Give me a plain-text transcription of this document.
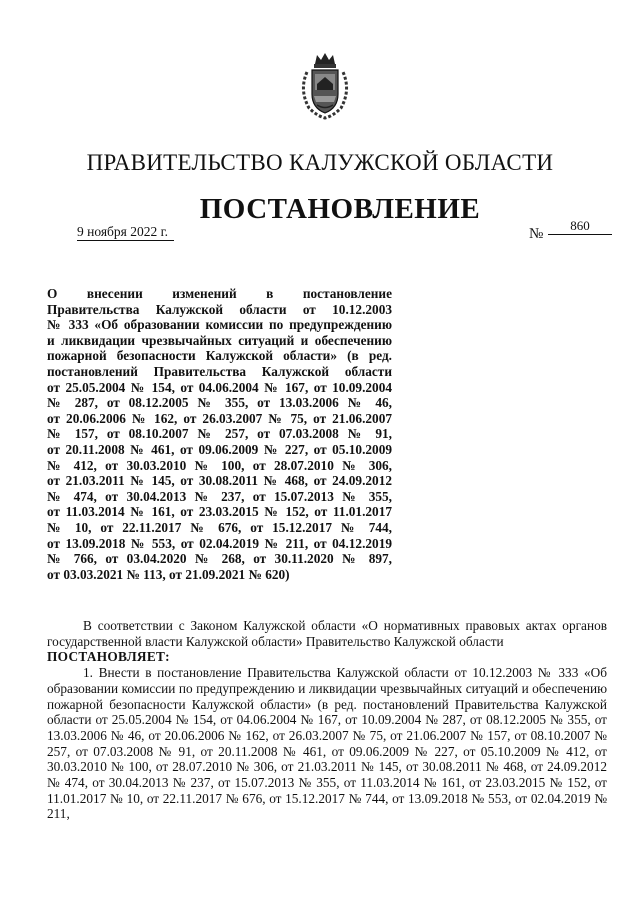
ПРАВИТЕЛЬСТВО КАЛУЖСКОЙ ОБЛАСТИ
ПОСТАНОВЛЕНИЕ
9 ноября 2022 г.	№
860
О внесении изменений в постановление
Правительства Калужской области от 10.12.2003
№ 333 «Об образовании комиссии по предупреждению
и ликвидации чрезвычайных ситуаций и обеспечению
пожарной безопасности Калужской области» (в ред.
постановлений Правительства Калужской области
от 25.05.2004 № 154, от 04.06.2004 № 167, от 10.09.2004
№ 287, от 08.12.2005 № 355, от 13.03.2006 № 46,
от 20.06.2006 № 162, от 26.03.2007 № 75, от 21.06.2007
№ 157, от 08.10.2007 № 257, от 07.03.2008 № 91,
от 20.11.2008 № 461, от 09.06.2009 № 227, от 05.10.2009
№ 412, от 30.03.2010 № 100, от 28.07.2010 № 306,
от 21.03.2011 № 145, от 30.08.2011 № 468, от 24.09.2012
№ 474, от 30.04.2013 № 237, от 15.07.2013 № 355,
от 11.03.2014 № 161, от 23.03.2015 № 152, от 11.01.2017
№ 10, от 22.11.2017 № 676, от 15.12.2017 № 744,
от 13.09.2018 № 553, от 02.04.2019 № 211, от 04.12.2019
№ 766, от 03.04.2020 № 268, от 30.11.2020 № 897,
от 03.03.2021 № 113, от 21.09.2021 № 620)

В соответствии с Законом Калужской области «О нормативных правовых актах органов государственной власти Калужской области» Правительство Калужской области

ПОСТАНОВЛЯЕТ:

1. Внести в постановление Правительства Калужской области от 10.12.2003 № 333 «Об образовании комиссии по предупреждению и ликвидации чрезвычайных ситуаций и обеспечению пожарной безопасности Калужской области» (в ред. постановлений Правительства Калужской области от 25.05.2004 № 154, от 04.06.2004 № 167, от 10.09.2004 № 287, от 08.12.2005 № 355, от 13.03.2006 № 46, от 20.06.2006 № 162, от 26.03.2007 № 75, от 21.06.2007 № 157, от 08.10.2007 № 257, от 07.03.2008 № 91, от 20.11.2008 № 461, от 09.06.2009 № 227, от 05.10.2009 № 412, от 30.03.2010 № 100, от 28.07.2010 № 306, от 21.03.2011 № 145, от 30.08.2011 № 468, от 24.09.2012 № 474, от 30.04.2013 № 237, от 15.07.2013 № 355, от 11.03.2014 № 161, от 23.03.2015 № 152, от 11.01.2017 № 10, от 22.11.2017 № 676, от 15.12.2017 № 744, от 13.09.2018 № 553, от 02.04.2019 № 211,
